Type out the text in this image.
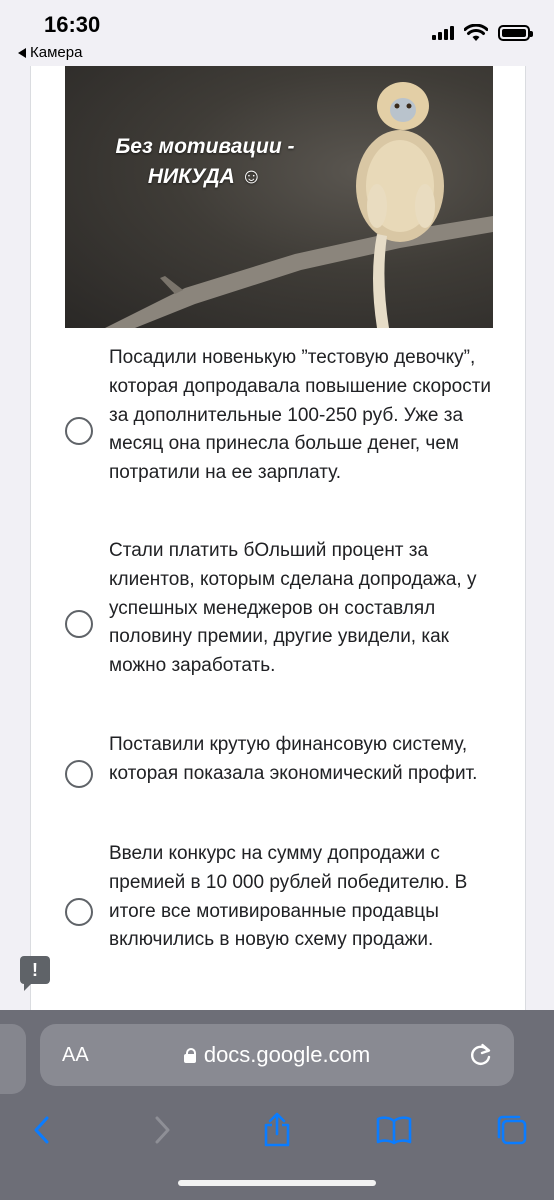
16:30
Камера
Без мотивации -
НИКУДА ☺
Посадили новенькую ”тестовую девочку”, которая допродавала повышение скорости за дополнительные 100-250 руб. Уже за месяц она принесла больше денег, чем потратили на ее зарплату.
Стали платить бОльший процент за клиентов, которым сделана допродажа, у успешных менеджеров он составлял половину премии, другие увидели, как можно заработать.
Поставили крутую финансовую систему, которая показала экономический профит.
Ввели конкурс на сумму допродажи с премией в 10 000 рублей победителю. В итоге все мотивированные продавцы включились в новую схему продажи.
!
AA	docs.google.com
